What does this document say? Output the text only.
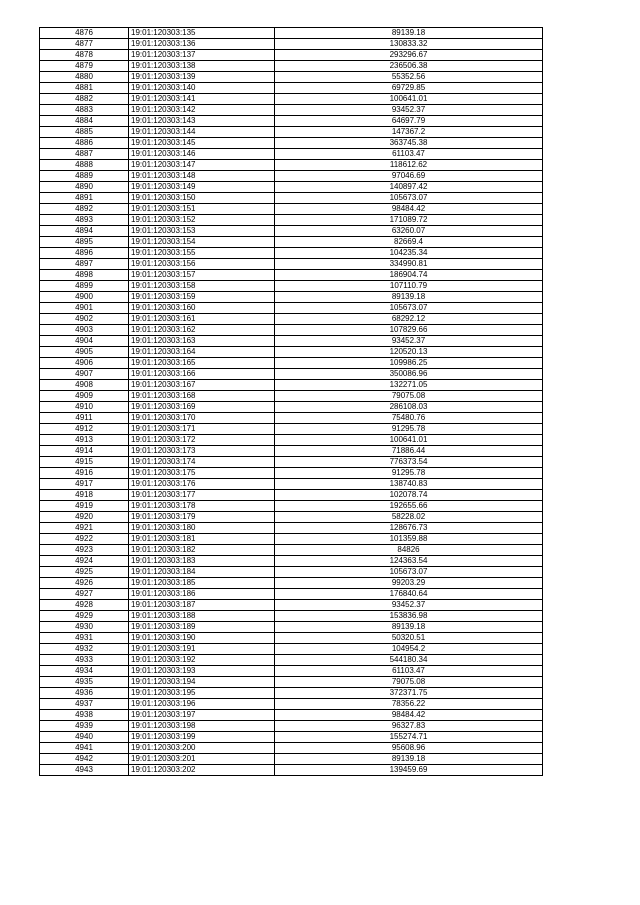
4876	19:01:120303:135	89139.18
4877	19:01:120303:136	130833.32
4878	19:01:120303:137	293296.67
4879	19:01:120303:138	236506.38
4880	19:01:120303:139	55352.56
4881	19:01:120303:140	69729.85
4882	19:01:120303:141	100641.01
4883	19:01:120303:142	93452.37
4884	19:01:120303:143	64697.79
4885	19:01:120303:144	147367.2
4886	19:01:120303:145	363745.38
4887	19:01:120303:146	61103.47
4888	19:01:120303:147	118612.62
4889	19:01:120303:148	97046.69
4890	19:01:120303:149	140897.42
4891	19:01:120303:150	105673.07
4892	19:01:120303:151	98484.42
4893	19:01:120303:152	171089.72
4894	19:01:120303:153	63260.07
4895	19:01:120303:154	82669.4
4896	19:01:120303:155	104235.34
4897	19:01:120303:156	334990.81
4898	19:01:120303:157	186904.74
4899	19:01:120303:158	107110.79
4900	19:01:120303:159	89139.18
4901	19:01:120303:160	105673.07
4902	19:01:120303:161	68292.12
4903	19:01:120303:162	107829.66
4904	19:01:120303:163	93452.37
4905	19:01:120303:164	120520.13
4906	19:01:120303:165	109986.25
4907	19:01:120303:166	350086.96
4908	19:01:120303:167	132271.05
4909	19:01:120303:168	79075.08
4910	19:01:120303:169	286108.03
4911	19:01:120303:170	75480.76
4912	19:01:120303:171	91295.78
4913	19:01:120303:172	100641.01
4914	19:01:120303:173	71886.44
4915	19:01:120303:174	776373.54
4916	19:01:120303:175	91295.78
4917	19:01:120303:176	138740.83
4918	19:01:120303:177	102078.74
4919	19:01:120303:178	192655.66
4920	19:01:120303:179	58228.02
4921	19:01:120303:180	128676.73
4922	19:01:120303:181	101359.88
4923	19:01:120303:182	84826
4924	19:01:120303:183	124363.54
4925	19:01:120303:184	105673.07
4926	19:01:120303:185	99203.29
4927	19:01:120303:186	176840.64
4928	19:01:120303:187	93452.37
4929	19:01:120303:188	153836.98
4930	19:01:120303:189	89139.18
4931	19:01:120303:190	50320.51
4932	19:01:120303:191	104954.2
4933	19:01:120303:192	544180.34
4934	19:01:120303:193	61103.47
4935	19:01:120303:194	79075.08
4936	19:01:120303:195	372371.75
4937	19:01:120303:196	78356.22
4938	19:01:120303:197	98484.42
4939	19:01:120303:198	96327.83
4940	19:01:120303:199	155274.71
4941	19:01:120303:200	95608.96
4942	19:01:120303:201	89139.18
4943	19:01:120303:202	139459.69
